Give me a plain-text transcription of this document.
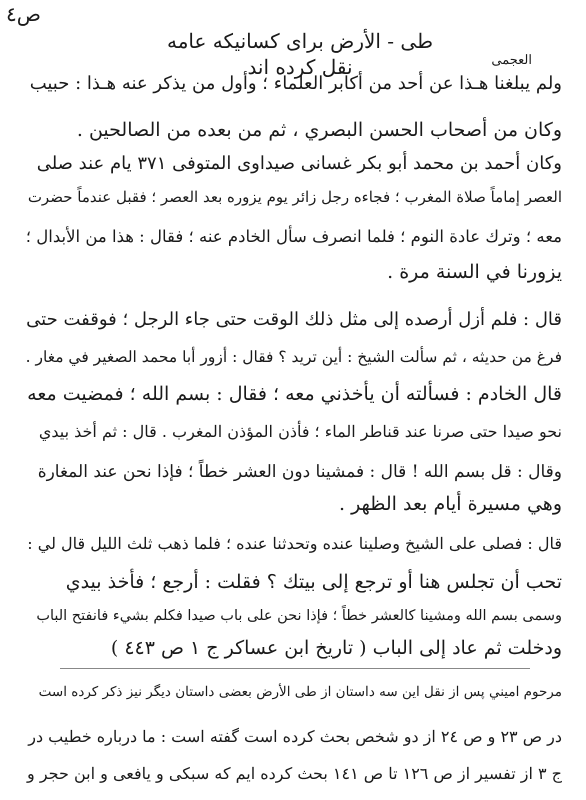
ص٤
طی - الأرض برای کسانیکه عامه نقل کرده اند	العجمی
ولم يبلغنا هـذا عن أحد من أكابر العلماء ؛ وأول من يذكر عنه هـذا : حبيب
وكان من أصحاب الحسن البصري ، ثم من بعده من الصالحين .
وكان أحمد بن محمد أبو بكر غسانی صيداوی المتوفی ٣٧١ يام عند صلى
العصر إماماً صلاة المغرب ؛ فجاءه رجل زائر يوم يزوره بعد العصر ؛ فقبل عندماً حضرت
معه ؛ وترك عادة النوم ؛ فلما انصرف سأل الخادم عنه ؛ فقال : هذا من الأبدال ؛
يزورنا في السنة مرة .
قال : فلم أزل أرصده إلى مثل ذلك الوقت حتى جاء الرجل ؛ فوقفت حتى
فرغ من حديثه ، ثم سألت الشيخ : أين تريد ؟ فقال : أزور أبا محمد الصغير في مغار .
قال الخادم : فسألته أن يأخذني معه ؛ فقال : بسم الله ؛ فمضيت معه
نحو صيدا حتى صرنا عند قناطر الماء ؛ فأذن المؤذن المغرب . قال : ثم أخذ بيدي
وقال : قل بسم الله ! قال : فمشينا دون العشر خطاً ؛ فإذا نحن عند المغارة
وهي مسيرة أيام بعد الظهر .
قال : فصلى على الشيخ وصلينا عنده وتحدثنا عنده ؛ فلما ذهب ثلث الليل قال لي :
تحب أن تجلس هنا أو ترجع إلى بيتك ؟ فقلت : أرجع ؛ فأخذ بيدي
وسمى بسم الله ومشينا كالعشر خطاً ؛ فإذا نحن على باب صيدا فكلم بشيء فانفتح الباب
ودخلت ثم عاد إلى الباب ( تاريخ ابن عساكر ج ١ ص ٤٤٣ )
مرحوم اميني پس از نقل اين سه داستان از طی الأرض بعضی داستان ديگر نيز ذکر کرده است
در ص ٢٣ و ص ٢٤ از دو شخص بحث کرده است گفته است : ما درباره خطيب در
ج ٣ از تفسير از ص ١٢٦ تا ص ١٤١ بحث کرده ايم که سبکی و يافعی و ابن حجر و
